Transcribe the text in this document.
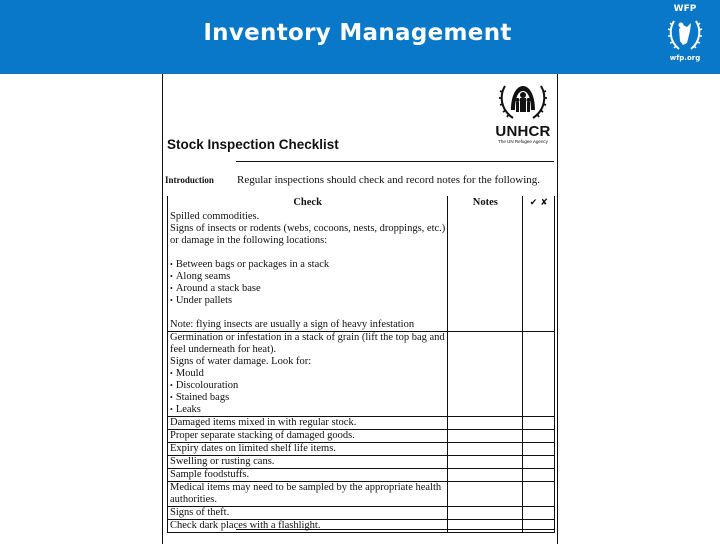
Inventory Management
WFP
wfp.org
UNHCR
The UN Refugee Agency
Stock Inspection Checklist
Introduction Regular inspections should check and record notes for the following.
Check	Notes	✔ ✘

Spilled commodities.
Signs of insects or rodents (webs, cocoons, nests, droppings, etc.)
or damage in the following locations:
• Between bags or packages in a stack
• Along seams
• Around a stack base
• Under pallets
Note: flying insects are usually a sign of heavy infestation

Germination or infestation in a stack of grain (lift the top bag and
feel underneath for heat).
Signs of water damage. Look for:
• Mould
• Discolouration
• Stained bags
• Leaks

Damaged items mixed in with regular stock.		

Proper separate stacking of damaged goods.		

Expiry dates on limited shelf life items.		

Swelling or rusting cans.		

Sample foodstuffs.		

Medical items may need to be sampled by the appropriate health
authorities.		

Signs of theft.		

Check dark places with a flashlight.		
